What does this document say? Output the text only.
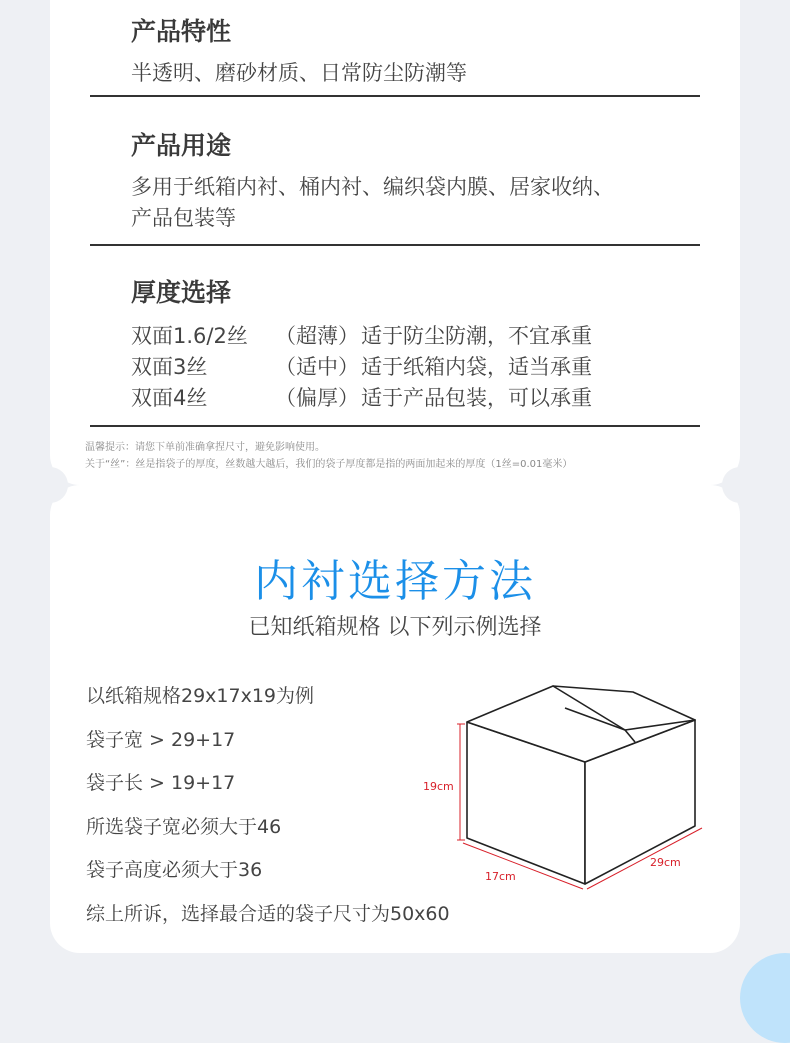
产品特性
半透明、磨砂材质、日常防尘防潮等
产品用途
多用于纸箱内衬、桶内衬、编织袋内膜、居家收纳、
产品包装等
厚度选择
双面1.6/2丝 （超薄） 适于防尘防潮，不宜承重
双面3丝	（适中） 适于纸箱内袋，适当承重
双面4丝	（偏厚） 适于产品包装，可以承重
温馨提示：请您下单前准确拿捏尺寸，避免影响使用。
关于“丝”：丝是指袋子的厚度，丝数越大越后，我们的袋子厚度都是指的两面加起来的厚度（1丝=0.01毫米）
内衬选择方法
已知纸箱规格 以下列示例选择
以纸箱规格29x17x19为例
袋子宽 > 29+17
袋子长 > 19+17
所选袋子宽必须大于46
袋子高度必须大于36
综上所诉，选择最合适的袋子尺寸为50x60
19cm
17cm
29cm
